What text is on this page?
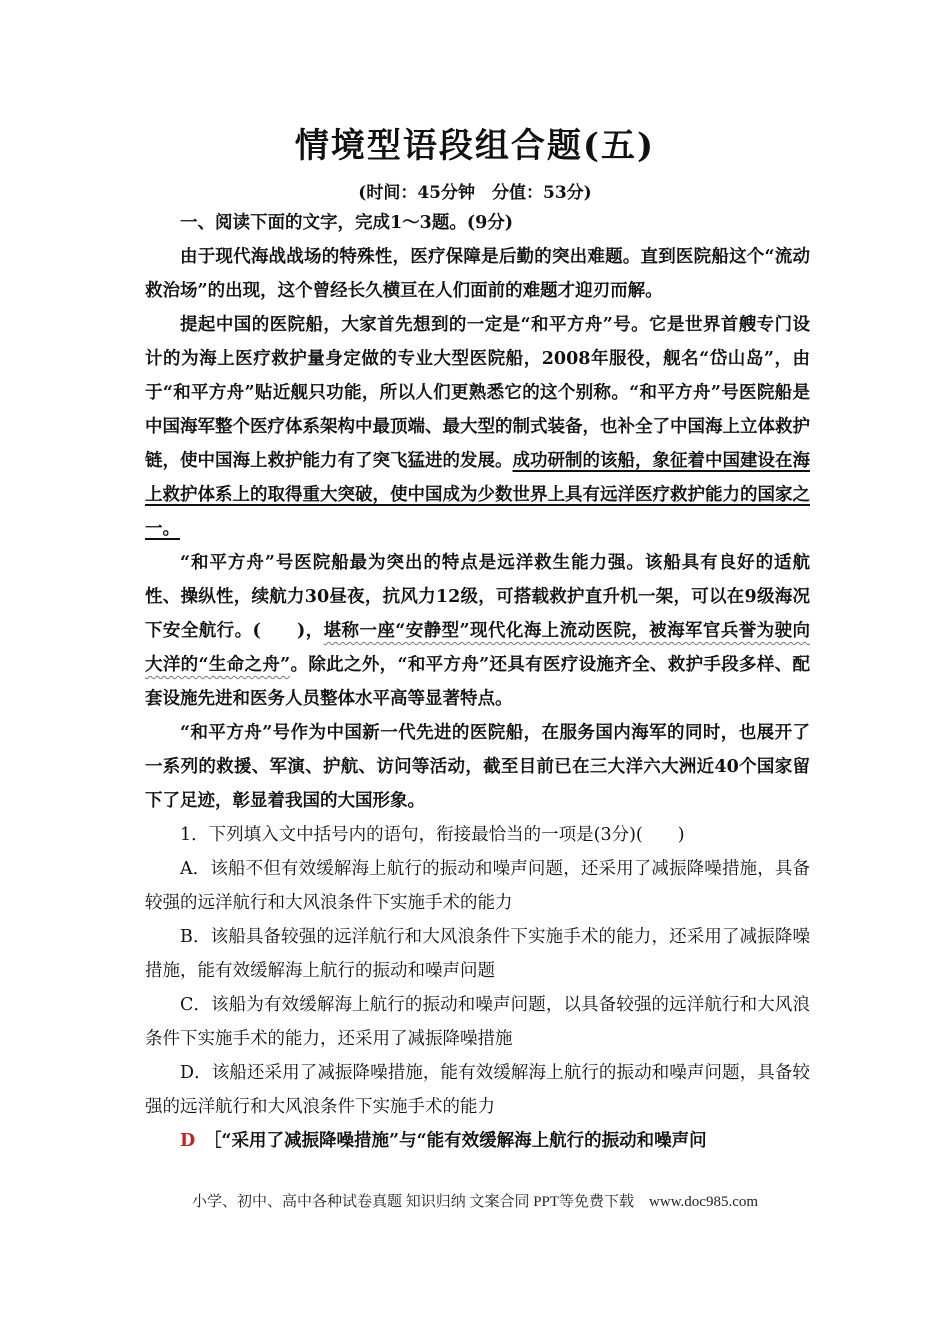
情境型语段组合题(五)
(时间：45分钟　分值：53分)

一、阅读下面的文字，完成1～3题。(9分)

由于现代海战战场的特殊性，医疗保障是后勤的突出难题。直到医院船这个“流动救治场”的出现，这个曾经长久横亘在人们面前的难题才迎刃而解。

提起中国的医院船，大家首先想到的一定是“和平方舟”号。它是世界首艘专门设计的为海上医疗救护量身定做的专业大型医院船，2008年服役，舰名“岱山岛”，由于“和平方舟”贴近舰只功能，所以人们更熟悉它的这个别称。“和平方舟”号医院船是中国海军整个医疗体系架构中最顶端、最大型的制式装备，也补全了中国海上立体救护链，使中国海上救护能力有了突飞猛进的发展。成功研制的该船，象征着中国建设在海上救护体系上的取得重大突破，使中国成为少数世界上具有远洋医疗救护能力的国家之一。

“和平方舟”号医院船最为突出的特点是远洋救生能力强。该船具有良好的适航性、操纵性，续航力30昼夜，抗风力12级，可搭载救护直升机一架，可以在9级海况下安全航行。(　　)，堪称一座“安静型”现代化海上流动医院，被海军官兵誉为驶向大洋的“生命之舟”。除此之外，“和平方舟”还具有医疗设施齐全、救护手段多样、配套设施先进和医务人员整体水平高等显著特点。

“和平方舟”号作为中国新一代先进的医院船，在服务国内海军的同时，也展开了一系列的救援、军演、护航、访问等活动，截至目前已在三大洋六大洲近40个国家留下了足迹，彰显着我国的大国形象。

1．下列填入文中括号内的语句，衔接最恰当的一项是(3分)(　　)

A．该船不但有效缓解海上航行的振动和噪声问题，还采用了减振降噪措施，具备较强的远洋航行和大风浪条件下实施手术的能力

B．该船具备较强的远洋航行和大风浪条件下实施手术的能力，还采用了减振降噪措施，能有效缓解海上航行的振动和噪声问题

C．该船为有效缓解海上航行的振动和噪声问题，以具备较强的远洋航行和大风浪条件下实施手术的能力，还采用了减振降噪措施

D．该船还采用了减振降噪措施，能有效缓解海上航行的振动和噪声问题，具备较强的远洋航行和大风浪条件下实施手术的能力

D　 ［“采用了减振降噪措施”与“能有效缓解海上航行的振动和噪声问

小学、初中、高中各种试卷真题 知识归纳 文案合同 PPT等免费下载　www.doc985.com
